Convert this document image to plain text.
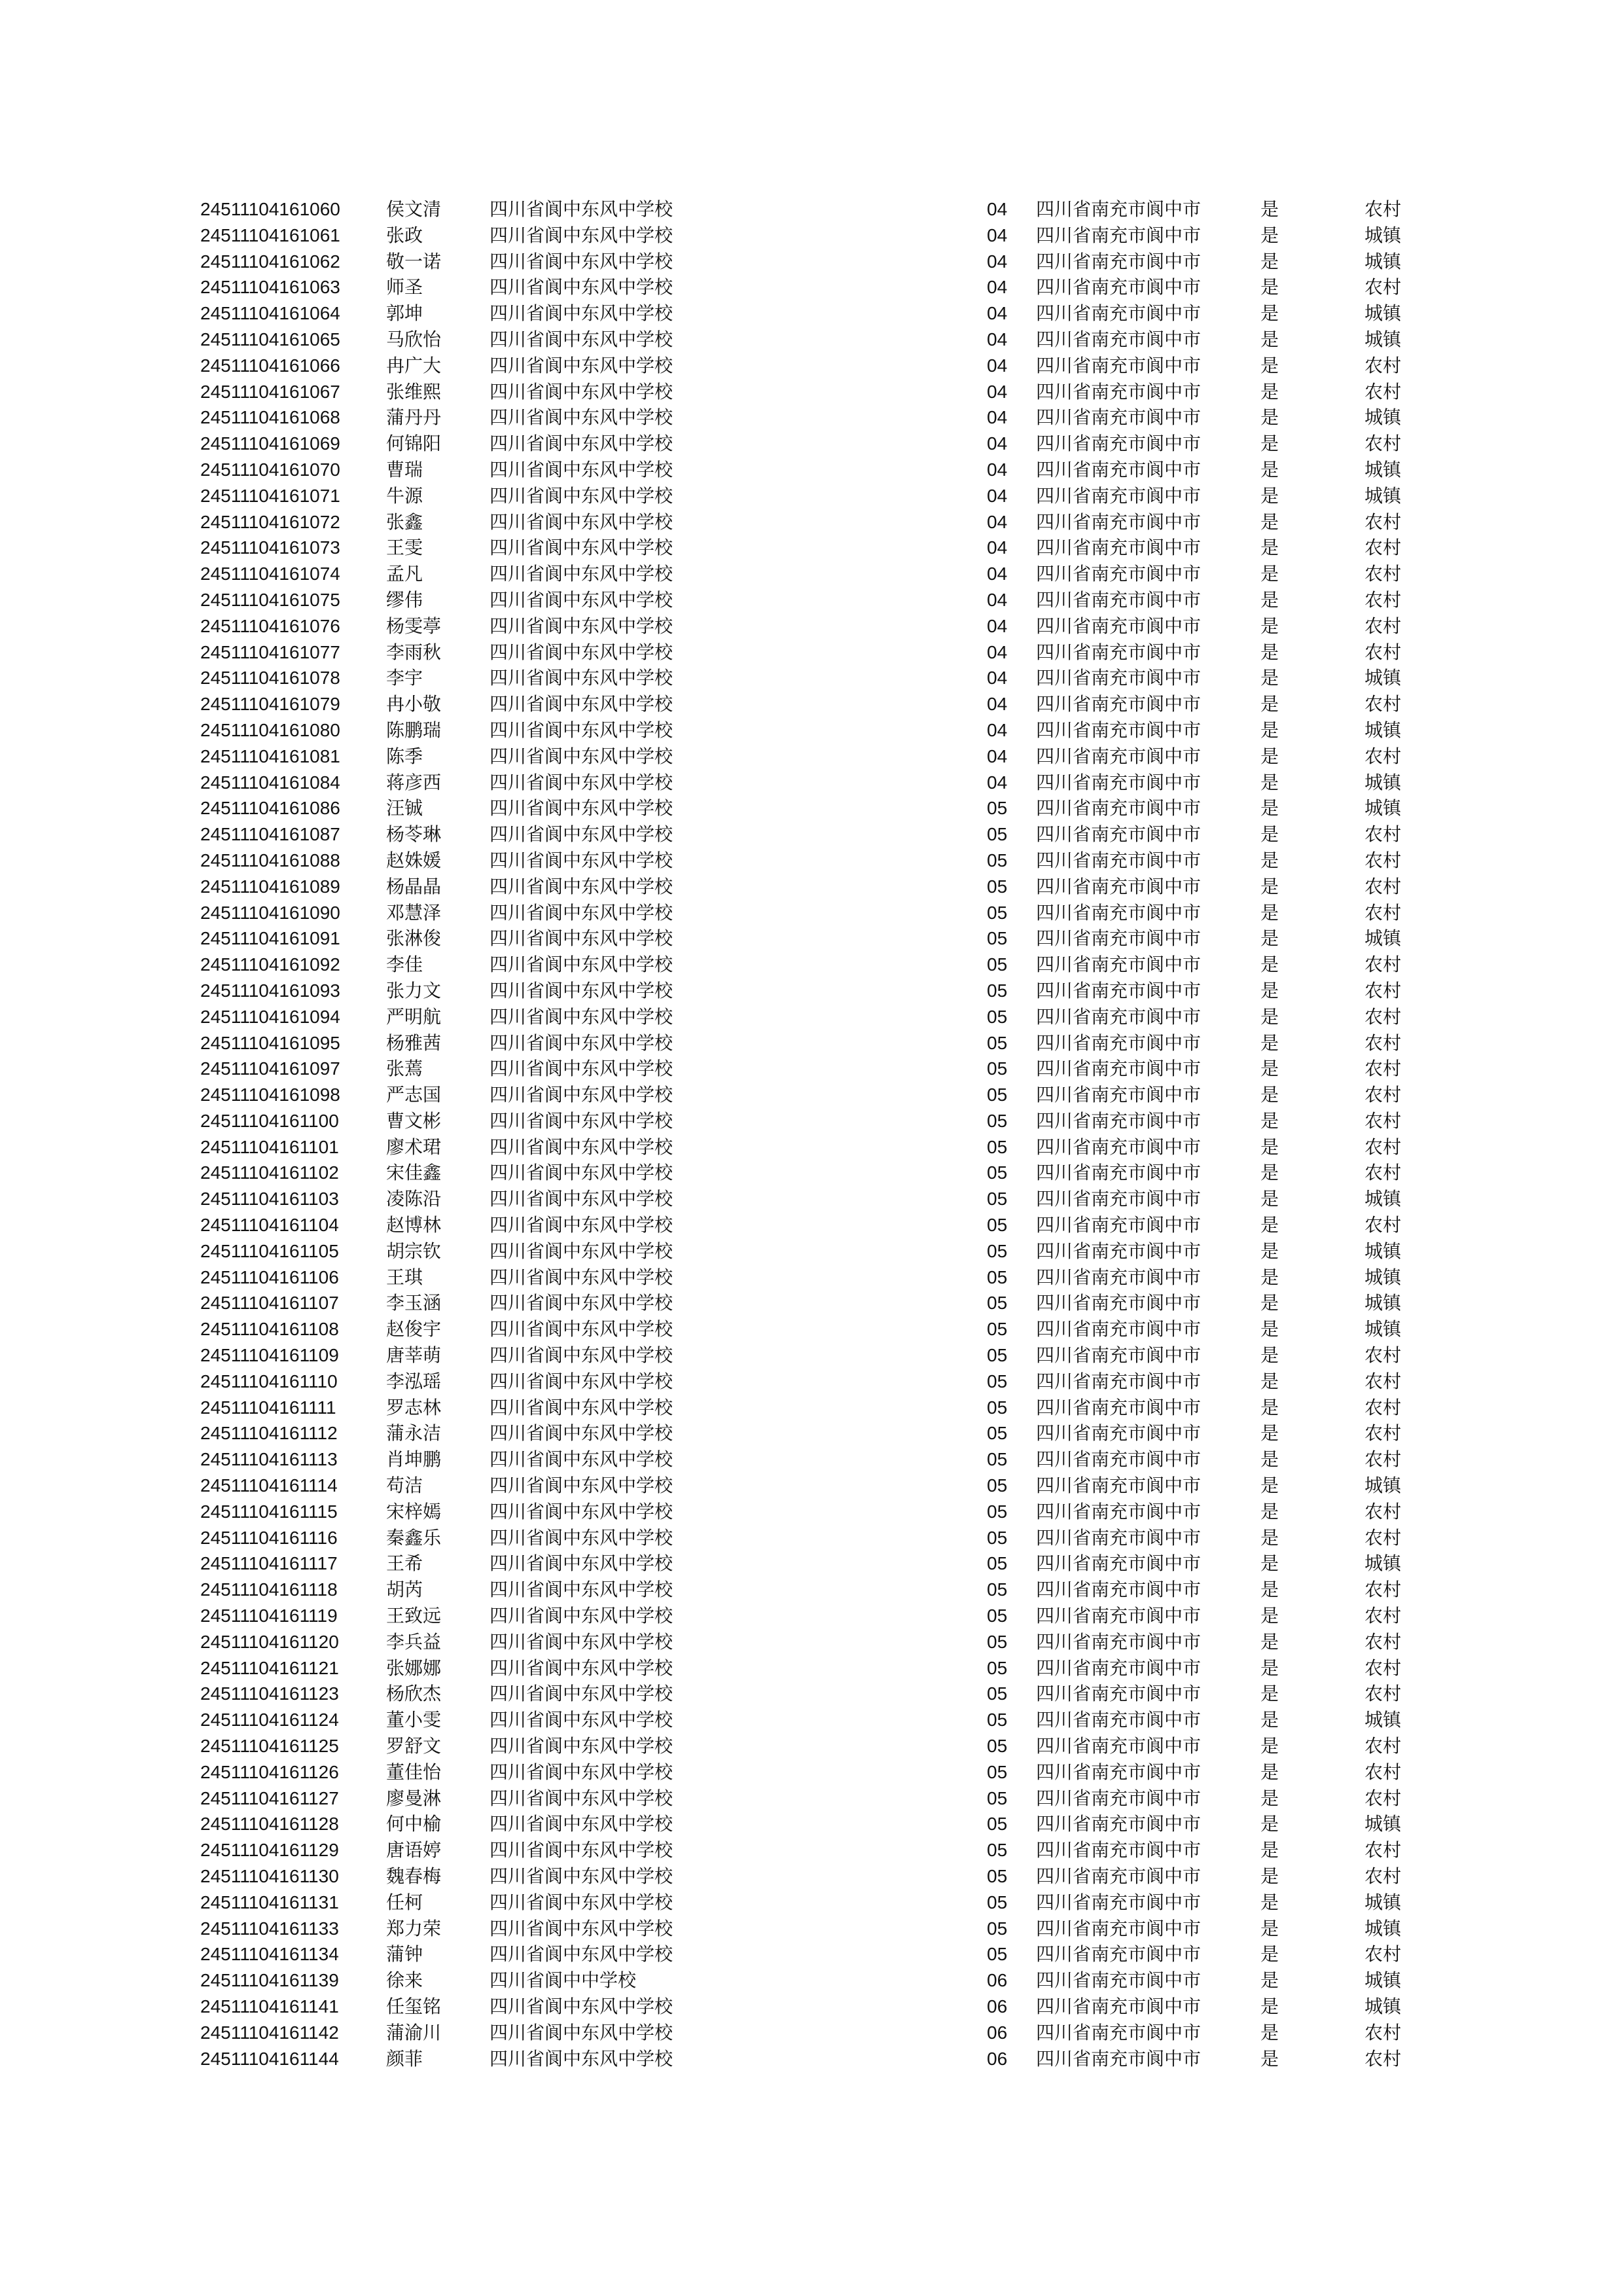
24511104161060	侯文清	四川省阆中东风中学校	04 四川省南充市阆中市	是	农村
24511104161061	张政	四川省阆中东风中学校	04 四川省南充市阆中市	是	城镇
24511104161062	敬一诺	四川省阆中东风中学校	04 四川省南充市阆中市	是	城镇
24511104161063	师圣	四川省阆中东风中学校	04 四川省南充市阆中市	是	农村
24511104161064	郭坤	四川省阆中东风中学校	04 四川省南充市阆中市	是	城镇
24511104161065	马欣怡	四川省阆中东风中学校	04 四川省南充市阆中市	是	城镇
24511104161066	冉广大	四川省阆中东风中学校	04 四川省南充市阆中市	是	农村
24511104161067	张维熙	四川省阆中东风中学校	04 四川省南充市阆中市	是	农村
24511104161068	蒲丹丹	四川省阆中东风中学校	04 四川省南充市阆中市	是	城镇
24511104161069	何锦阳	四川省阆中东风中学校	04 四川省南充市阆中市	是	农村
24511104161070	曹瑞	四川省阆中东风中学校	04 四川省南充市阆中市	是	城镇
24511104161071	牛源	四川省阆中东风中学校	04 四川省南充市阆中市	是	城镇
24511104161072	张鑫	四川省阆中东风中学校	04 四川省南充市阆中市	是	农村
24511104161073	王雯	四川省阆中东风中学校	04 四川省南充市阆中市	是	农村
24511104161074	孟凡	四川省阆中东风中学校	04 四川省南充市阆中市	是	农村
24511104161075	缪伟	四川省阆中东风中学校	04 四川省南充市阆中市	是	农村
24511104161076	杨雯葶	四川省阆中东风中学校	04 四川省南充市阆中市	是	农村
24511104161077	李雨秋	四川省阆中东风中学校	04 四川省南充市阆中市	是	农村
24511104161078	李宇	四川省阆中东风中学校	04 四川省南充市阆中市	是	城镇
24511104161079	冉小敬	四川省阆中东风中学校	04 四川省南充市阆中市	是	农村
24511104161080	陈鹏瑞	四川省阆中东风中学校	04 四川省南充市阆中市	是	城镇
24511104161081	陈季	四川省阆中东风中学校	04 四川省南充市阆中市	是	农村
24511104161084	蒋彦西	四川省阆中东风中学校	04 四川省南充市阆中市	是	城镇
24511104161086	汪铖	四川省阆中东风中学校	05 四川省南充市阆中市	是	城镇
24511104161087	杨苓琳	四川省阆中东风中学校	05 四川省南充市阆中市	是	农村
24511104161088	赵姝媛	四川省阆中东风中学校	05 四川省南充市阆中市	是	农村
24511104161089	杨晶晶	四川省阆中东风中学校	05 四川省南充市阆中市	是	农村
24511104161090	邓慧泽	四川省阆中东风中学校	05 四川省南充市阆中市	是	农村
24511104161091	张淋俊	四川省阆中东风中学校	05 四川省南充市阆中市	是	城镇
24511104161092	李佳	四川省阆中东风中学校	05 四川省南充市阆中市	是	农村
24511104161093	张力文	四川省阆中东风中学校	05 四川省南充市阆中市	是	农村
24511104161094	严明航	四川省阆中东风中学校	05 四川省南充市阆中市	是	农村
24511104161095	杨雅茜	四川省阆中东风中学校	05 四川省南充市阆中市	是	农村
24511104161097	张蔫	四川省阆中东风中学校	05 四川省南充市阆中市	是	农村
24511104161098	严志国	四川省阆中东风中学校	05 四川省南充市阆中市	是	农村
24511104161100	曹文彬	四川省阆中东风中学校	05 四川省南充市阆中市	是	农村
24511104161101	廖术珺	四川省阆中东风中学校	05 四川省南充市阆中市	是	农村
24511104161102	宋佳鑫	四川省阆中东风中学校	05 四川省南充市阆中市	是	农村
24511104161103	凌陈沿	四川省阆中东风中学校	05 四川省南充市阆中市	是	城镇
24511104161104	赵博林	四川省阆中东风中学校	05 四川省南充市阆中市	是	农村
24511104161105	胡宗钦	四川省阆中东风中学校	05 四川省南充市阆中市	是	城镇
24511104161106	王琪	四川省阆中东风中学校	05 四川省南充市阆中市	是	城镇
24511104161107	李玉涵	四川省阆中东风中学校	05 四川省南充市阆中市	是	城镇
24511104161108	赵俊宇	四川省阆中东风中学校	05 四川省南充市阆中市	是	城镇
24511104161109	唐莘萌	四川省阆中东风中学校	05 四川省南充市阆中市	是	农村
24511104161110	李泓瑶	四川省阆中东风中学校	05 四川省南充市阆中市	是	农村
24511104161111	罗志林	四川省阆中东风中学校	05 四川省南充市阆中市	是	农村
24511104161112	蒲永洁	四川省阆中东风中学校	05 四川省南充市阆中市	是	农村
24511104161113	肖坤鹏	四川省阆中东风中学校	05 四川省南充市阆中市	是	农村
24511104161114	苟洁	四川省阆中东风中学校	05 四川省南充市阆中市	是	城镇
24511104161115	宋梓嫣	四川省阆中东风中学校	05 四川省南充市阆中市	是	农村
24511104161116	秦鑫乐	四川省阆中东风中学校	05 四川省南充市阆中市	是	农村
24511104161117	王希	四川省阆中东风中学校	05 四川省南充市阆中市	是	城镇
24511104161118	胡芮	四川省阆中东风中学校	05 四川省南充市阆中市	是	农村
24511104161119	王致远	四川省阆中东风中学校	05 四川省南充市阆中市	是	农村
24511104161120	李兵益	四川省阆中东风中学校	05 四川省南充市阆中市	是	农村
24511104161121	张娜娜	四川省阆中东风中学校	05 四川省南充市阆中市	是	农村
24511104161123	杨欣杰	四川省阆中东风中学校	05 四川省南充市阆中市	是	农村
24511104161124	董小雯	四川省阆中东风中学校	05 四川省南充市阆中市	是	城镇
24511104161125	罗舒文	四川省阆中东风中学校	05 四川省南充市阆中市	是	农村
24511104161126	董佳怡	四川省阆中东风中学校	05 四川省南充市阆中市	是	农村
24511104161127	廖曼淋	四川省阆中东风中学校	05 四川省南充市阆中市	是	农村
24511104161128	何中榆	四川省阆中东风中学校	05 四川省南充市阆中市	是	城镇
24511104161129	唐语婷	四川省阆中东风中学校	05 四川省南充市阆中市	是	农村
24511104161130	魏春梅	四川省阆中东风中学校	05 四川省南充市阆中市	是	农村
24511104161131	任柯	四川省阆中东风中学校	05 四川省南充市阆中市	是	城镇
24511104161133	郑力荣	四川省阆中东风中学校	05 四川省南充市阆中市	是	城镇
24511104161134	蒲钟	四川省阆中东风中学校	05 四川省南充市阆中市	是	农村
24511104161139	徐来	四川省阆中中学校	06 四川省南充市阆中市	是	城镇
24511104161141	任玺铭	四川省阆中东风中学校	06 四川省南充市阆中市	是	城镇
24511104161142	蒲渝川	四川省阆中东风中学校	06 四川省南充市阆中市	是	农村
24511104161144	颜菲	四川省阆中东风中学校	06 四川省南充市阆中市	是	农村
